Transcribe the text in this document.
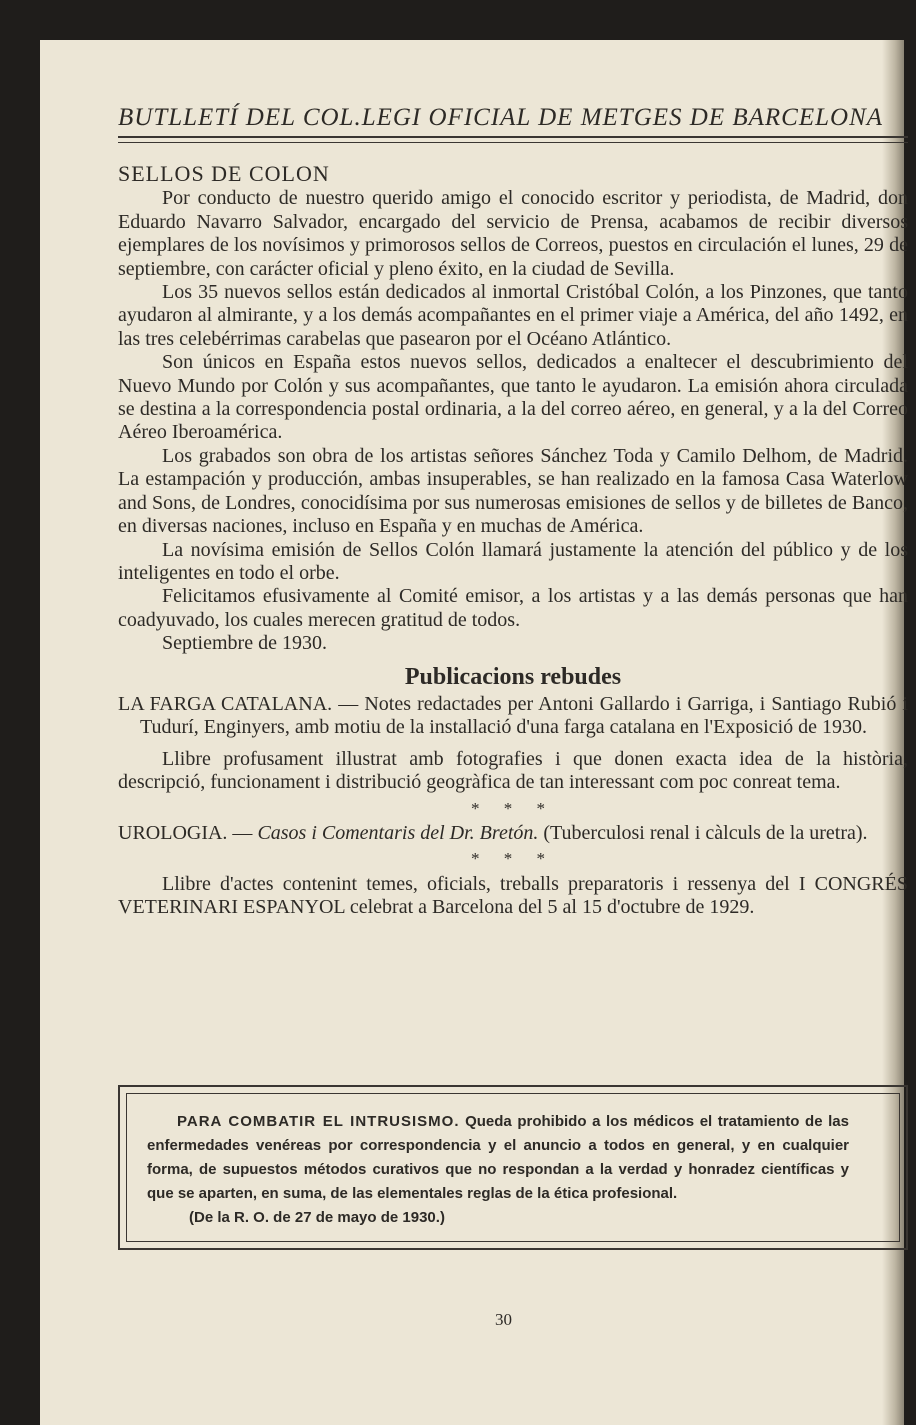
BUTLLETÍ DEL COL.LEGI OFICIAL DE METGES DE BARCELONA

SELLOS DE COLON

Por conducto de nuestro querido amigo el conocido escritor y periodista, de Madrid, don Eduardo Navarro Salvador, encargado del servicio de Prensa, acabamos de recibir diversos ejemplares de los novísimos y primorosos sellos de Correos, puestos en circulación el lunes, 29 de septiembre, con carácter oficial y pleno éxito, en la ciudad de Sevilla.

Los 35 nuevos sellos están dedicados al inmortal Cristóbal Colón, a los Pinzones, que tanto ayudaron al almirante, y a los demás acompañantes en el primer viaje a América, del año 1492, en las tres celebérrimas carabelas que pasearon por el Océano Atlántico.

Son únicos en España estos nuevos sellos, dedicados a enaltecer el descubrimiento del Nuevo Mundo por Colón y sus acompañantes, que tanto le ayudaron. La emisión ahora circulada se destina a la correspondencia postal ordinaria, a la del correo aéreo, en general, y a la del Correo Aéreo Iberoamérica.

Los grabados son obra de los artistas señores Sánchez Toda y Camilo Delhom, de Madrid. La estampación y producción, ambas insuperables, se han realizado en la famosa Casa Waterlow and Sons, de Londres, conocidísima por sus numerosas emisiones de sellos y de billetes de Banco, en diversas naciones, incluso en España y en muchas de América.

La novísima emisión de Sellos Colón llamará justamente la atención del público y de los inteligentes en todo el orbe.

Felicitamos efusivamente al Comité emisor, a los artistas y a las demás personas que han coadyuvado, los cuales merecen gratitud de todos.

Septiembre de 1930.

Publicacions rebudes

LA FARGA CATALANA. — Notes redactades per Antoni Gallardo i Garriga, i Santiago Rubió i Tudurí, Enginyers, amb motiu de la installació d'una farga catalana en l'Exposició de 1930.

Llibre profusament illustrat amb fotografies i que donen exacta idea de la història, descripció, funcionament i distribució geogràfica de tan interessant com poc conreat tema.

* * *

UROLOGIA. — Casos i Comentaris del Dr. Bretón. (Tuberculosi renal i càlculs de la uretra).

* * *

Llibre d'actes contenint temes, oficials, treballs preparatoris i ressenya del I CONGRÉS VETERINARI ESPANYOL celebrat a Barcelona del 5 al 15 d'octubre de 1929.

PARA COMBATIR EL INTRUSISMO. Queda prohibido a los médicos el tratamiento de las enfermedades venéreas por correspondencia y el anuncio a todos en general, y en cualquier forma, de supuestos métodos curativos que no respondan a la verdad y honradez científicas y que se aparten, en suma, de las elementales reglas de la ética profesional.
(De la R. O. de 27 de mayo de 1930.)
30
